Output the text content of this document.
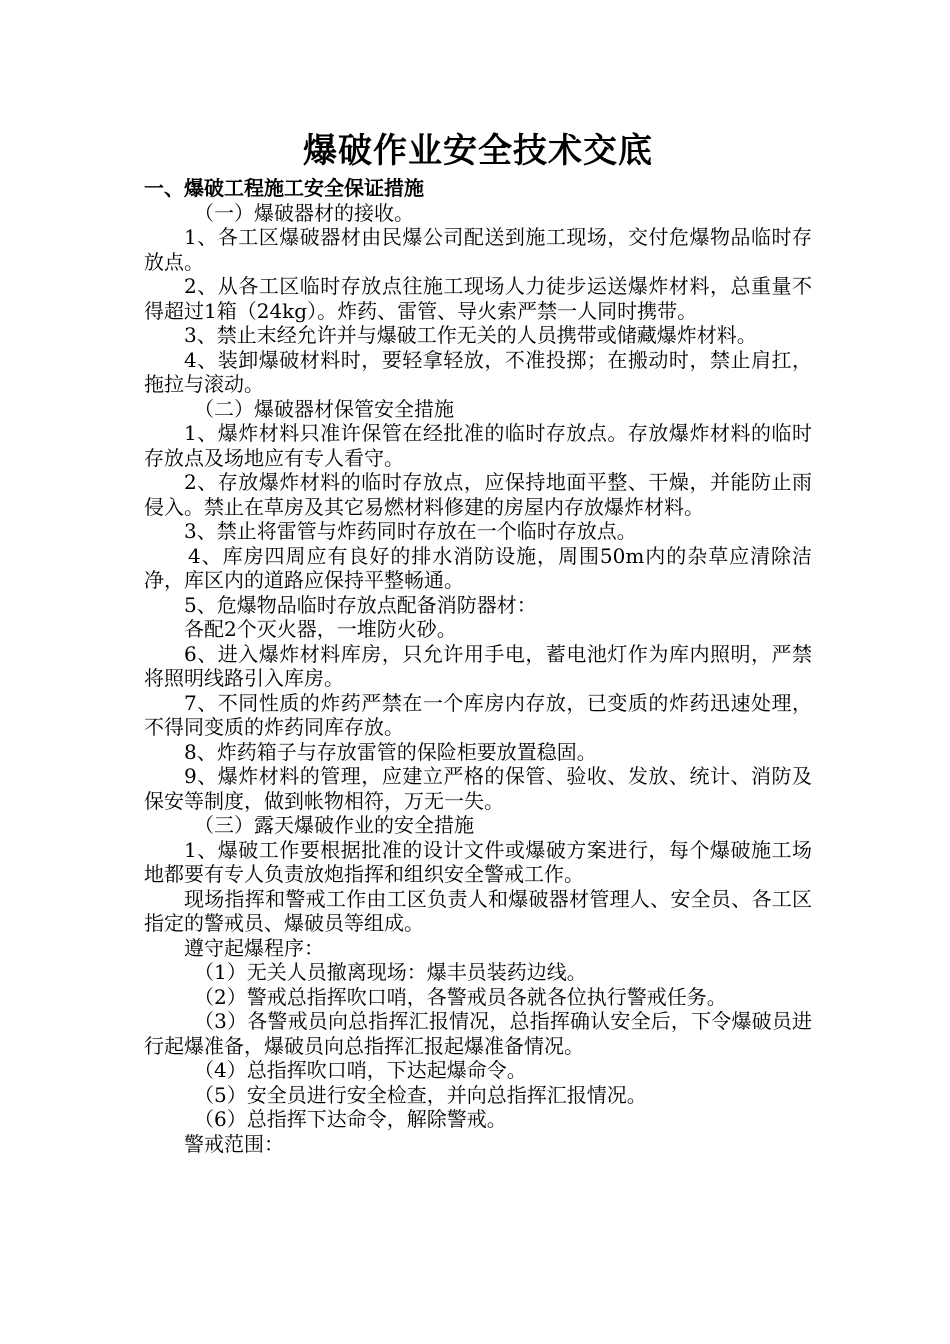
爆破作业安全技术交底

一、爆破工程施工安全保证措施

（一）爆破器材的接收。

1、各工区爆破器材由民爆公司配送到施工现场，交付危爆物品临时存放点。

2、从各工区临时存放点往施工现场人力徒步运送爆炸材料，总重量不得超过1箱（24kg）。炸药、雷管、导火索严禁一人同时携带。

3、禁止末经允许并与爆破工作无关的人员携带或储藏爆炸材料。

4、装卸爆破材料时，要轻拿轻放，不准投掷；在搬动时，禁止肩扛，拖拉与滚动。

（二）爆破器材保管安全措施

1、爆炸材料只准许保管在经批准的临时存放点。存放爆炸材料的临时存放点及场地应有专人看守。

2、存放爆炸材料的临时存放点，应保持地面平整、干燥，并能防止雨侵入。禁止在草房及其它易燃材料修建的房屋内存放爆炸材料。

3、禁止将雷管与炸药同时存放在一个临时存放点。

4、库房四周应有良好的排水消防设施，周围50m内的杂草应清除洁净，库区内的道路应保持平整畅通。

5、危爆物品临时存放点配备消防器材：

各配2个灭火器，一堆防火砂。

6、进入爆炸材料库房，只允许用手电，蓄电池灯作为库内照明，严禁将照明线路引入库房。

7、不同性质的炸药严禁在一个库房内存放，已变质的炸药迅速处理，不得同变质的炸药同库存放。

8、炸药箱子与存放雷管的保险柜要放置稳固。

9、爆炸材料的管理，应建立严格的保管、验收、发放、统计、消防及保安等制度，做到帐物相符，万无一失。

（三）露天爆破作业的安全措施

1、爆破工作要根据批准的设计文件或爆破方案进行，每个爆破施工场地都要有专人负责放炮指挥和组织安全警戒工作。

现场指挥和警戒工作由工区负责人和爆破器材管理人、安全员、各工区指定的警戒员、爆破员等组成。

遵守起爆程序：

（1）无关人员撤离现场：爆丰员装药边线。

（2）警戒总指挥吹口哨，各警戒员各就各位执行警戒任务。

（3）各警戒员向总指挥汇报情况，总指挥确认安全后，下令爆破员进行起爆准备，爆破员向总指挥汇报起爆准备情况。

（4）总指挥吹口哨，下达起爆命令。

（5）安全员进行安全检查，并向总指挥汇报情况。

（6）总指挥下达命令，解除警戒。

警戒范围：
